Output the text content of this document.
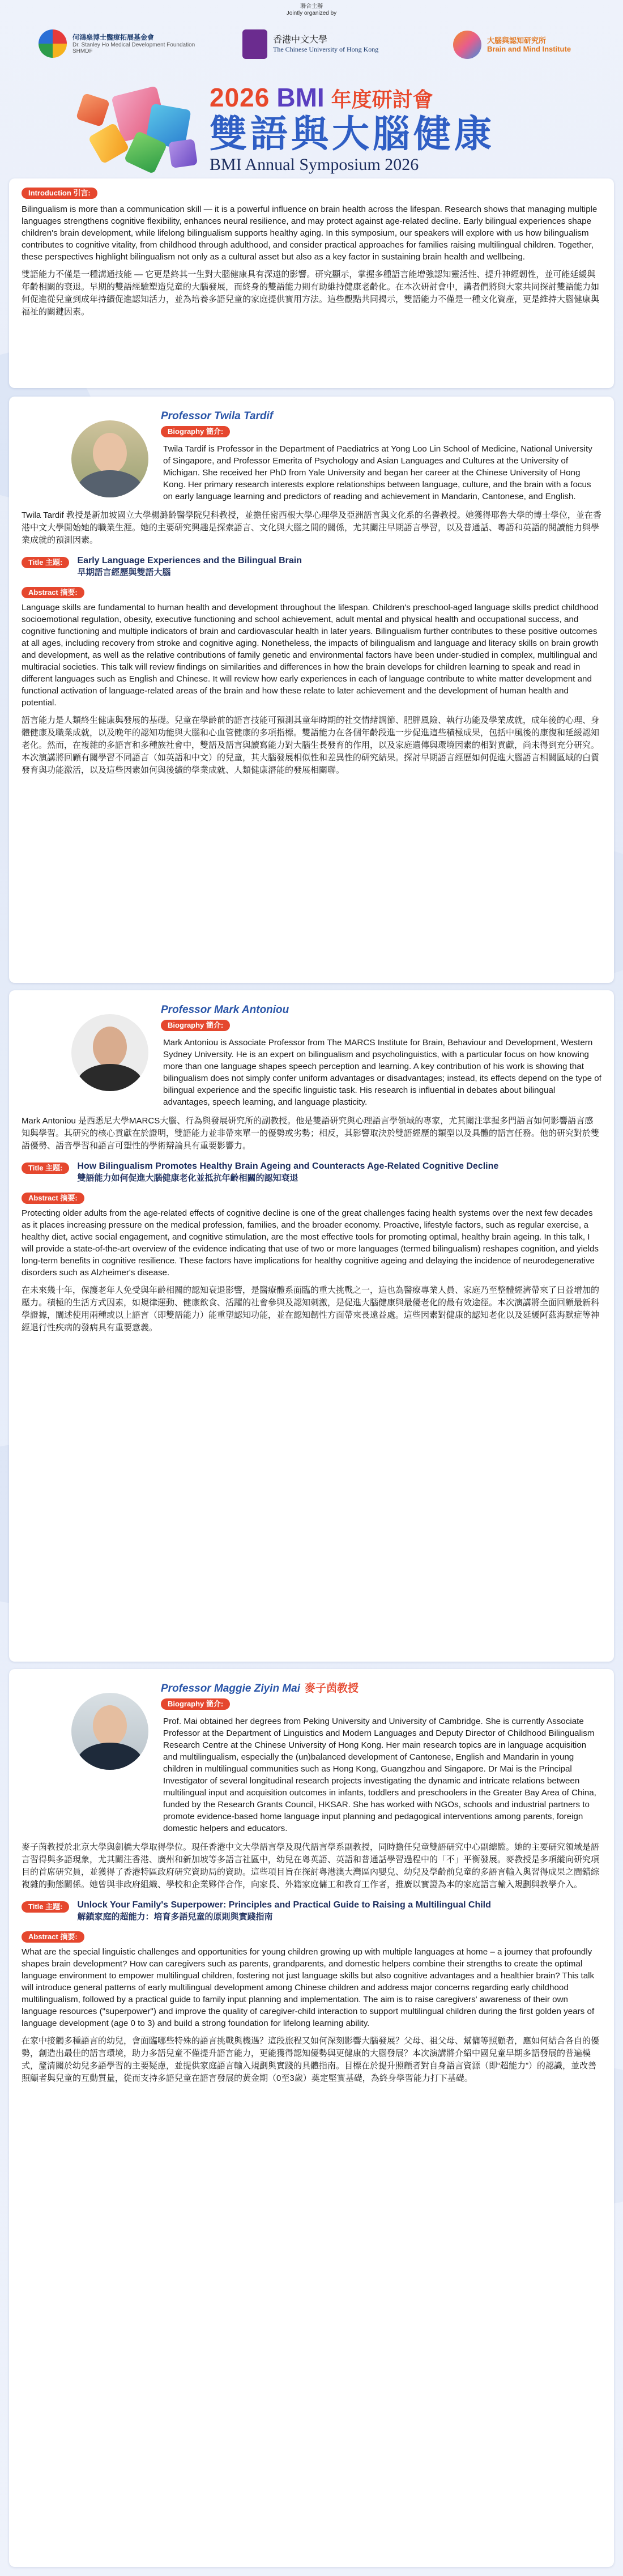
聯合主辦
Jointly organized by
何鴻燊博士醫療拓展基金會
Dr. Stanley Ho Medical Development Foundation
SHMDF
香港中文大學
The Chinese University of Hong Kong
大腦與認知研究所
Brain and Mind Institute
2026 BMI 年度研討會
雙語與大腦健康
BMI Annual Symposium 2026
Introduction 引言:

Bilingualism is more than a communication skill — it is a powerful influence on brain health across the lifespan. Research shows that managing multiple languages strengthens cognitive flexibility, enhances neural resilience, and may protect against age-related decline. Early bilingual experiences shape children's brain development, while lifelong bilingualism supports healthy aging. In this symposium, our speakers will explore with us how bilingualism contributes to cognitive vitality, from childhood through adulthood, and consider practical approaches for families raising multilingual children. Together, these perspectives highlight bilingualism not only as a cultural asset but also as a key factor in sustaining brain health and wellbeing.

雙語能力不僅是一種溝通技能 — 它更是終其一生對大腦健康具有深遠的影響。研究顯示，掌握多種語言能增強認知靈活性、提升神經韌性，並可能延緩與年齡相關的衰退。早期的雙語經驗塑造兒童的大腦發展，而終身的雙語能力則有助維持健康老齡化。在本次研討會中，講者們將與大家共同探討雙語能力如何促進從兒童到成年持續促進認知活力，並為培養多語兒童的家庭提供實用方法。這些觀點共同揭示，雙語能力不僅是一種文化資產，更是維持大腦健康與福祉的關鍵因素。

Professor Twila Tardif
Biography 簡介:

Twila Tardif is Professor in the Department of Paediatrics at Yong Loo Lin School of Medicine, National University of Singapore, and Professor Emerita of Psychology and Asian Languages and Cultures at the University of Michigan. She received her PhD from Yale University and began her career at the Chinese University of Hong Kong. Her primary research interests explore relationships between language, culture, and the brain with a focus on early language learning and predictors of reading and achievement in Mandarin, Cantonese, and English.

Twila Tardif 教授是新加坡國立大學楊潞齡醫學院兒科教授，並擔任密西根大學心理學及亞洲語言與文化系的名譽教授。她獲得耶魯大學的博士學位，並在香港中文大學開始她的職業生涯。她的主要研究興趣是探索語言、文化與大腦之間的關係，尤其關注早期語言學習，以及普通話、粵語和英語的閱讀能力與學業成就的預測因素。

Title 主題:	Early Language Experiences and the Bilingual Brain
早期語言經歷與雙語大腦
Abstract 摘要:

Language skills are fundamental to human health and development throughout the lifespan. Children's preschool-aged language skills predict childhood socioemotional regulation, obesity, executive functioning and school achievement, adult mental and physical health and occupational success, and cognitive functioning and multiple indicators of brain and cardiovascular health in later years. Bilingualism further contributes to these positive outcomes at all ages, including recovery from stroke and cognitive aging. Nonetheless, the impacts of bilingualism and language and literacy skills on brain growth and development, as well as the relative contributions of family genetic and environmental factors have been under-studied in complex, multilingual and multiracial societies. This talk will review findings on similarities and differences in how the brain develops for children learning to speak and read in different languages such as English and Chinese. It will review how early experiences in each of language contribute to white matter development and functional activation of language-related areas of the brain and how these relate to later achievement and the development of human health and potential.

語言能力是人類終生健康與發展的基礎。兒童在學齡前的語言技能可預測其童年時期的社交情緒調節、肥胖風險、執行功能及學業成就，成年後的心理、身體健康及職業成就，以及晚年的認知功能與大腦和心血管健康的多項指標。雙語能力在各個年齡段進一步促進這些積極成果，包括中風後的康復和延緩認知老化。然而，在複雜的多語言和多種族社會中，雙語及語言與讀寫能力對大腦生長發育的作用，以及家庭遺傳與環境因素的相對貢獻，尚未得到充分研究。本次演講將回顧有關學習不同語言（如英語和中文）的兒童，其大腦發展相似性和差異性的研究結果。探討早期語言經歷如何促進大腦語言相關區域的白質發育與功能激活，以及這些因素如何與後續的學業成就、人類健康潛能的發展相關聯。

Professor Mark Antoniou
Biography 簡介:

Mark Antoniou is Associate Professor from The MARCS Institute for Brain, Behaviour and Development, Western Sydney University. He is an expert on bilingualism and psycholinguistics, with a particular focus on how knowing more than one language shapes speech perception and learning. A key contribution of his work is showing that bilingualism does not simply confer uniform advantages or disadvantages; instead, its effects depend on the type of bilingual experience and the specific linguistic task. His research is influential in debates about bilingual advantages, speech learning, and language plasticity.

Mark Antoniou 是西悉尼大學MARCS大腦、行為與發展研究所的副教授。他是雙語研究與心理語言學領域的專家，尤其關注掌握多門語言如何影響語言感知與學習。其研究的核心貢獻在於證明，雙語能力並非帶來單一的優勢或劣勢；相反，其影響取決於雙語經歷的類型以及具體的語言任務。他的研究對於雙語優勢、語音學習和語言可塑性的學術辯論具有重要影響力。

Title 主題:	How Bilingualism Promotes Healthy Brain Ageing and Counteracts Age-Related Cognitive Decline
雙語能力如何促進大腦健康老化並抵抗年齡相關的認知衰退
Abstract 摘要:

Protecting older adults from the age-related effects of cognitive decline is one of the great challenges facing health systems over the next few decades as it places increasing pressure on the medical profession, families, and the broader economy. Proactive, lifestyle factors, such as regular exercise, a healthy diet, active social engagement, and cognitive stimulation, are the most effective tools for promoting optimal, healthy brain ageing. In this talk, I will provide a state-of-the-art overview of the evidence indicating that use of two or more languages (termed bilingualism) reshapes cognition, and yields long-term benefits in cognitive resilience. These factors have implications for healthy cognitive ageing and delaying the incidence of neurodegenerative disorders such as Alzheimer's disease.

在未來幾十年，保護老年人免受與年齡相關的認知衰退影響，是醫療體系面臨的重大挑戰之一，這也為醫療專業人員、家庭乃至整體經濟帶來了日益增加的壓力。積極的生活方式因素，如規律運動、健康飲食、活躍的社會參與及認知刺激，是促進大腦健康與最優老化的最有效途徑。本次演講將全面回顧最新科學證據，闡述使用兩種或以上語言（即雙語能力）能重塑認知功能，並在認知韌性方面帶來長遠益處。這些因素對健康的認知老化以及延緩阿茲海默症等神經退行性疾病的發病具有重要意義。

Professor Maggie Ziyin Mai 麥子茵教授
Biography 簡介:

Prof. Mai obtained her degrees from Peking University and University of Cambridge. She is currently Associate Professor at the Department of Linguistics and Modern Languages and Deputy Director of Childhood Bilingualism Research Centre at the Chinese University of Hong Kong. Her main research topics are in language acquisition and multilingualism, especially the (un)balanced development of Cantonese, English and Mandarin in young children in multilingual communities such as Hong Kong, Guangzhou and Singapore. Dr Mai is the Principal Investigator of several longitudinal research projects investigating the dynamic and intricate relations between multilingual input and acquisition outcomes in infants, toddlers and preschoolers in the Greater Bay Area of China, funded by the Research Grants Council, HKSAR. She has worked with NGOs, schools and industrial partners to promote evidence-based home language input planning and pedagogical interventions among parents, foreign domestic helpers and educators.

麥子茵教授於北京大學與劍橋大學取得學位。現任香港中文大學語言學及現代語言學系副教授，同時擔任兒童雙語研究中心副總監。她的主要研究領域是語言習得與多語現象，尤其關注香港、廣州和新加坡等多語言社區中，幼兒在粵英語、英語和普通話學習過程中的「不」平衡發展。麥教授是多項縱向研究項目的首席研究員，並獲得了香港特區政府研究資助局的資助。這些項目旨在探討粵港澳大灣區內嬰兒、幼兒及學齡前兒童的多語言輸入與習得成果之間錯綜複雜的動態關係。她曾與非政府組織、學校和企業夥伴合作，向家長、外籍家庭傭工和教育工作者，推廣以實證為本的家庭語言輸入規劃與教學介入。

Title 主題:	Unlock Your Family's Superpower: Principles and Practical Guide to Raising a Multilingual Child
解鎖家庭的超能力：培育多語兒童的原則與實踐指南
Abstract 摘要:

What are the special linguistic challenges and opportunities for young children growing up with multiple languages at home – a journey that profoundly shapes brain development? How can caregivers such as parents, grandparents, and domestic helpers combine their strengths to create the optimal language environment to empower multilingual children, fostering not just language skills but also cognitive advantages and a healthier brain? This talk will introduce general patterns of early multilingual development among Chinese children and address major concerns regarding early childhood multilingualism, followed by a practical guide to family input planning and implementation. The aim is to raise caregivers' awareness of their own language resources ("superpower") and improve the quality of caregiver-child interaction to support multilingual children during the first golden years of language development (age 0 to 3) and build a strong foundation for lifelong learning ability.

在家中接觸多種語言的幼兒，會面臨哪些特殊的語言挑戰與機遇？這段旅程又如何深刻影響大腦發展？父母、祖父母、幫傭等照顧者，應如何結合各自的優勢，創造出最佳的語言環境，助力多語兒童不僅提升語言能力，更能獲得認知優勢與更健康的大腦發展？本次演講將介紹中國兒童早期多語發展的普遍模式，釐清關於幼兒多語學習的主要疑慮，並提供家庭語言輸入規劃與實踐的具體指南。目標在於提升照顧者對自身語言資源（即“超能力”）的認識，並改善照顧者與兒童的互動質量，從而支持多語兒童在語言發展的黃金期（0至3歲）奠定堅實基礎，為終身學習能力打下基礎。
